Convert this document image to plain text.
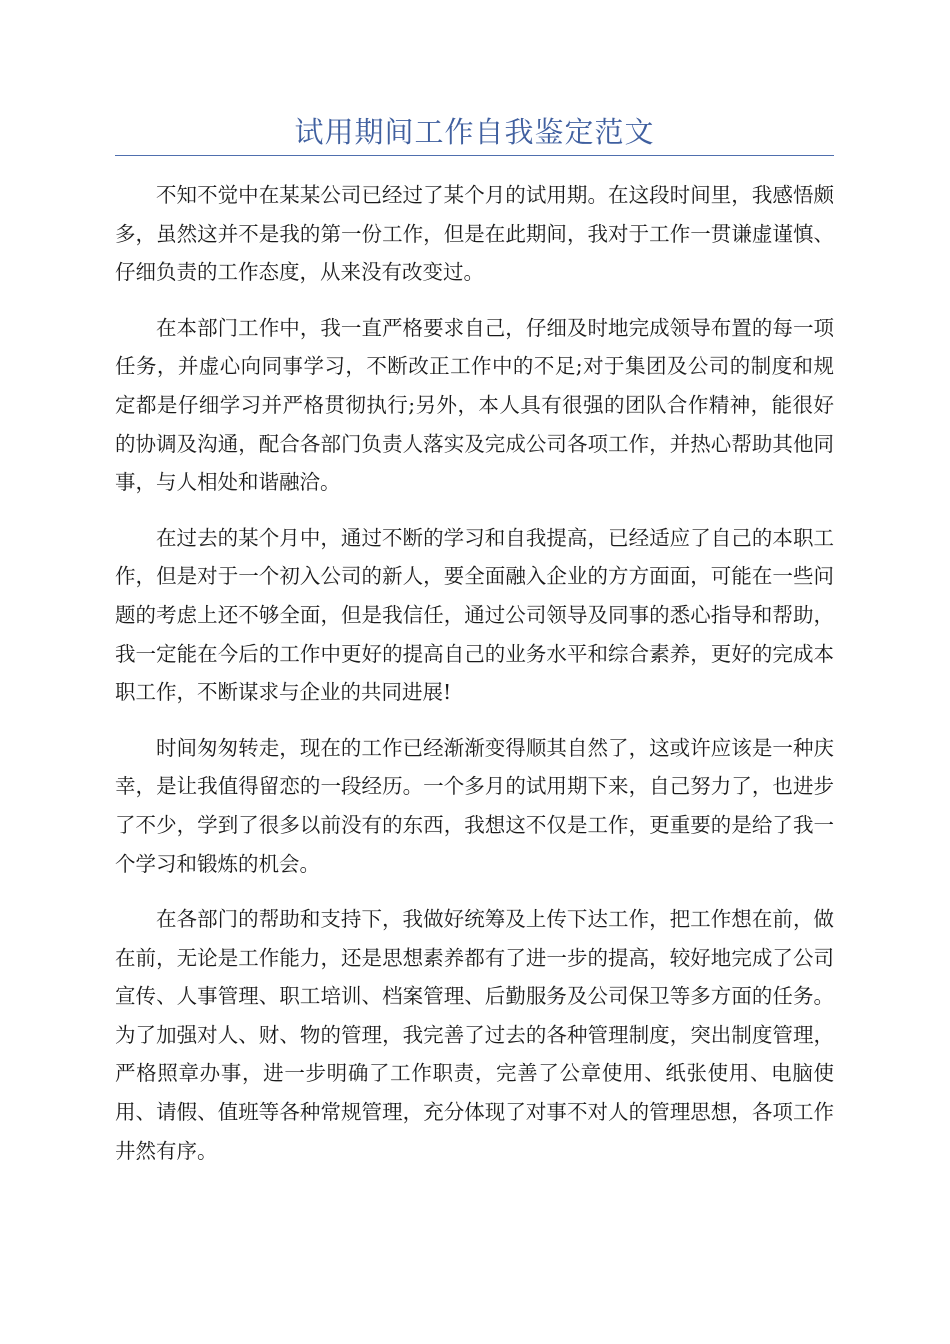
试用期间工作自我鉴定范文

不知不觉中在某某公司已经过了某个月的试用期。在这段时间里，我感悟颇多，虽然这并不是我的第一份工作，但是在此期间，我对于工作一贯谦虚谨慎、仔细负责的工作态度，从来没有改变过。

在本部门工作中，我一直严格要求自己，仔细及时地完成领导布置的每一项任务，并虚心向同事学习，不断改正工作中的不足;对于集团及公司的制度和规定都是仔细学习并严格贯彻执行;另外，本人具有很强的团队合作精神，能很好的协调及沟通，配合各部门负责人落实及完成公司各项工作，并热心帮助其他同事，与人相处和谐融洽。

在过去的某个月中，通过不断的学习和自我提高，已经适应了自己的本职工作，但是对于一个初入公司的新人，要全面融入企业的方方面面，可能在一些问题的考虑上还不够全面，但是我信任，通过公司领导及同事的悉心指导和帮助，我一定能在今后的工作中更好的提高自己的业务水平和综合素养，更好的完成本职工作，不断谋求与企业的共同进展!

时间匆匆转走，现在的工作已经渐渐变得顺其自然了，这或许应该是一种庆幸，是让我值得留恋的一段经历。一个多月的试用期下来，自己努力了，也进步了不少，学到了很多以前没有的东西，我想这不仅是工作，更重要的是给了我一个学习和锻炼的机会。

在各部门的帮助和支持下，我做好统筹及上传下达工作，把工作想在前，做在前，无论是工作能力，还是思想素养都有了进一步的提高，较好地完成了公司宣传、人事管理、职工培训、档案管理、后勤服务及公司保卫等多方面的任务。为了加强对人、财、物的管理，我完善了过去的各种管理制度，突出制度管理，严格照章办事，进一步明确了工作职责，完善了公章使用、纸张使用、电脑使用、请假、值班等各种常规管理，充分体现了对事不对人的管理思想，各项工作井然有序。
